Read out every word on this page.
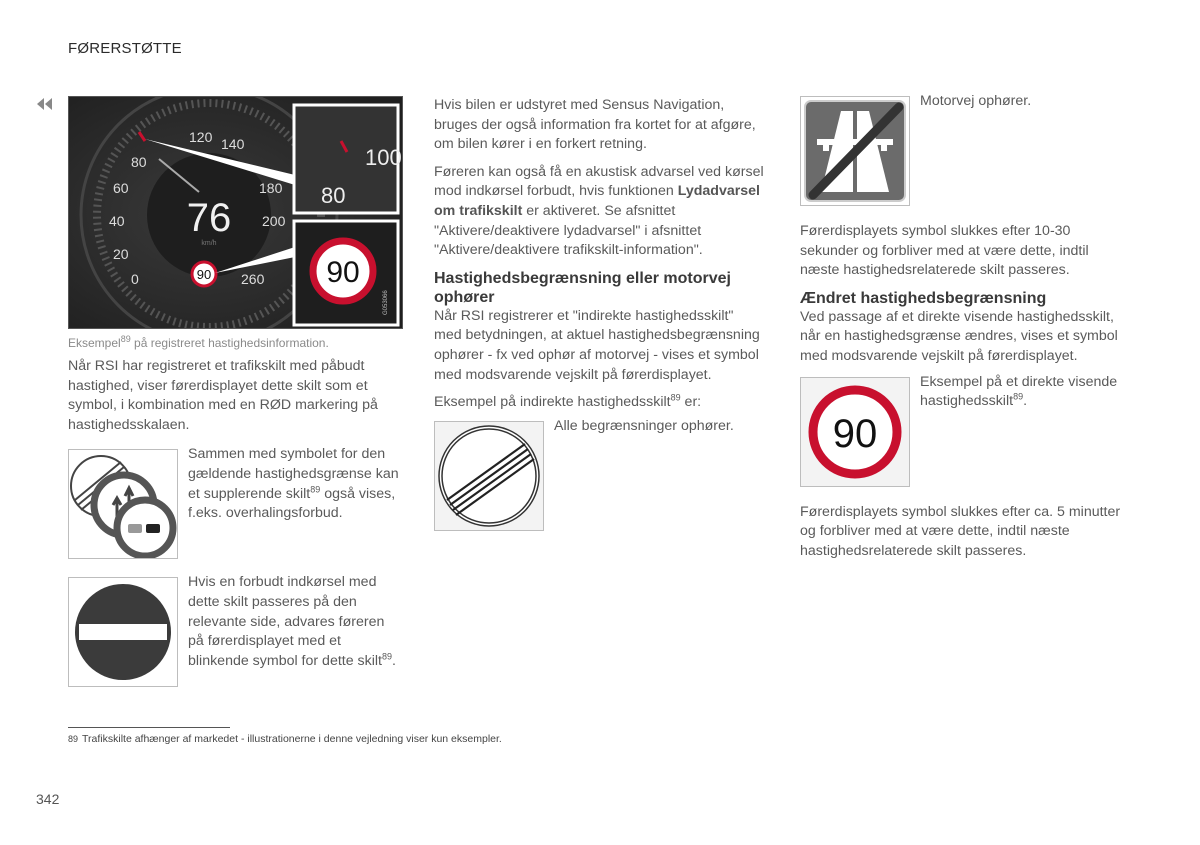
FØRERSTØTTE
0
20
40
60
80
120 140
180
200
260
76
km/h
90
100
80
90
G053066
Eksempel$^{89}$ på registreret hastighedsinformation.

Når RSI har registreret et trafikskilt med påbudt hastighed, viser førerdisplayet dette skilt som et symbol, i kombination med en RØD markering på hastighedsskalaen.

Sammen med symbolet for den gældende hastighedsgrænse kan et supplerende skilt$^{89}$ også vises, f.eks. overhalingsforbud.
Hvis en forbudt indkørsel med dette skilt passeres på den relevante side, advares føreren på førerdisplayet med et blinkende symbol for dette skilt$^{89}$.

Hvis bilen er udstyret med Sensus Navigation, bruges der også information fra kortet for at afgøre, om bilen kører i en forkert retning.

Føreren kan også få en akustisk advarsel ved kørsel mod indkørsel forbudt, hvis funktionen Lydadvarsel om trafikskilt er aktiveret. Se afsnittet "Aktivere/deaktivere lydadvarsel" i afsnittet "Aktivere/deaktivere trafikskilt-information".

Hastighedsbegrænsning eller motorvej ophører

Når RSI registrerer et "indirekte hastighedsskilt" med betydningen, at aktuel hastighedsbegrænsning ophører - fx ved ophør af motorvej - vises et symbol med modsvarende vejskilt på førerdisplayet.

Eksempel på indirekte hastighedsskilt$^{89}$ er:

Alle begrænsninger ophører.
Motorvej ophører.

Førerdisplayets symbol slukkes efter 10-30 sekunder og forbliver med at være dette, indtil næste hastighedsrelaterede skilt passeres.

Ændret hastighedsbegrænsning

Ved passage af et direkte visende hastighedsskilt, når en hastighedsgrænse ændres, vises et symbol med modsvarende vejskilt på førerdisplayet.

90
Eksempel på et direkte visende hastighedsskilt$^{89}$.

Førerdisplayets symbol slukkes efter ca. 5 minutter og forbliver med at være dette, indtil næste hastighedsrelaterede skilt passeres.

89 Trafikskilte afhænger af markedet - illustrationerne i denne vejledning viser kun eksempler.
342
